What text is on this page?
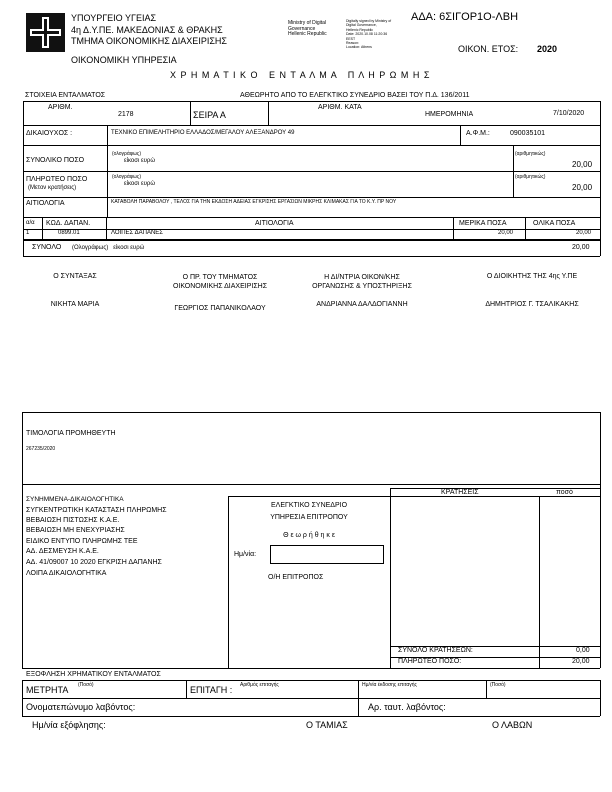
ΥΠΟΥΡΓΕΙΟ ΥΓΕΙΑΣ
4η Δ.Υ.ΠΕ. ΜΑΚΕΔΟΝΙΑΣ & ΘΡΑΚΗΣ
ΤΜΗΜΑ ΟΙΚΟΝΟΜΙΚΗΣ ΔΙΑΧΕΙΡΙΣΗΣ
ΟΙΚΟΝΟΜΙΚΗ ΥΠΗΡΕΣΙΑ
Ministry of Digital
Governance
Hellenic Republic
Digitally signed by Ministry of
Digital Governance,
Hellenic Republic
Date: 2020.10.08 11:20:36
EEST
Reason:
Location: Athens
ΑΔΑ: 6ΣΙΓΟΡ1Ο-ΛΒΗ
ΟΙΚΟΝ. ΕΤΟΣ: 2020
Χ Ρ Η Μ Α Τ Ι Κ Ο   Ε Ν Τ Α Λ Μ Α   Π Λ Η Ρ Ω Μ Η Σ
ΣΤΟΙΧΕΙΑ ΕΝΤΑΛΜΑΤΟΣ	ΑΘΕΩΡΗΤΟ ΑΠΟ ΤΟ ΕΛΕΓΚΤΙΚΟ ΣΥΝΕΔΡΙΟ ΒΑΣΕΙ ΤΟΥ Π.Δ. 136/2011
ΑΡΙΘΜ.
2178	ΣΕΙΡΑ Α
ΑΡΙΘΜ. ΚΑΤΑ
ΗΜΕΡΟΜΗΝΙΑ	7/10/2020
ΔΙΚΑΙΟΥΧΟΣ :	ΤΕΧΝΙΚΟ ΕΠΙΜΕΛΗΤΗΡΙΟ ΕΛΛΑΔΟΣ/ΜΕΓΑΛΟΥ ΑΛΕΞΑΝΔΡΟΥ 49	Α.Φ.Μ.:	090035101
ΣΥΝΟΛΙΚΟ ΠΟΣΟ
(ολογράφως)
είκοσι ευρώ
(αριθμητικώς)
20,00
ΠΛΗΡΩΤΕΟ ΠΟΣΟ
(Μετον κρατήσεις)
(ολογράφως)
είκοσι ευρώ
(αριθμητικώς)
20,00
ΑΙΤΙΟΛΟΓΙΑ	ΚΑΤΑΒΟΛΗ ΠΑΡΑΒΟΛΟΥ , ΤΕΛΟΣ ΓΙΑ ΤΗΝ ΕΚΔΟΣΗ ΑΔΕΙΑΣ ΕΓΚΡΙΣΗΣ ΕΡΓΑΣΙΩΝ ΜΙΚΡΗΣ ΚΛΙΜΑΚΑΣ ΓΙΑ ΤΟ Κ.Υ. ΠΡ ΝΟΥ
α/α ΚΩΔ. ΔΑΠΑΝ.	ΑΙΤΙΟΛΟΓΙΑ	ΜΕΡΙΚΑ ΠΟΣΑ	ΟΛΙΚΑ ΠΟΣΑ
1	0899.01	ΛΟΙΠΕΣ ΔΑΠΑΝΕΣ	20,00	20,00
ΣΥΝΟΛΟ (Ολογράφως)   είκοσι ευρώ	20,00
Ο ΣΥΝΤΑΞΑΣ
ΝΙΚΗΤΑ ΜΑΡΙΑ
Ο ΠΡ. ΤΟΥ ΤΜΗΜΑΤΟΣ
ΟΙΚΟΝΟΜΙΚΗΣ ΔΙΑΧΕΙΡΙΣΗΣ
ΓΕΩΡΓΙΟΣ ΠΑΠΑΝΙΚΟΛΑΟΥ
Η ΔΙ/ΝΤΡΙΑ ΟΙΚΟΝ/ΚΗΣ
ΟΡΓΑΝΩΣΗΣ & ΥΠΟΣΤΗΡΙΞΗΣ
ΑΝΔΡΙΑΝΝΑ ΔΑΛΔΟΓΙΑΝΝΗ
Ο ΔΙΟΙΚΗΤΗΣ ΤΗΣ 4ης Υ.ΠΕ
ΔΗΜΗΤΡΙΟΣ Γ. ΤΣΑΛΙΚΑΚΗΣ
ΤΙΜΟΛΟΓΙΑ ΠΡΟΜΗΘΕΥΤΗ
267235/2020
ΣΥΝΗΜΜΕΝΑ-ΔΙΚΑΙΟΛΟΓΗΤΙΚΑ
ΣΥΓΚΕΝΤΡΩΤΙΚΗ ΚΑΤΑΣΤΑΣΗ ΠΛΗΡΩΜΗΣ
ΒΕΒΑΙΩΣΗ ΠΙΣΤΩΣΗΣ Κ.Α.Ε.
ΒΕΒΑΙΩΣΗ ΜΗ ΕΝΕΧΥΡΙΑΣΗΣ
ΕΙΔΙΚΟ ΕΝΤΥΠΟ ΠΛΗΡΩΜΗΣ ΤΕΕ
ΑΔ. ΔΕΣΜΕΥΣΗ Κ.Α.Ε.
ΑΔ. 41/09007 10 2020 ΕΓΚΡΙΣΗ ΔΑΠΑΝΗΣ
ΛΟΙΠΑ ΔΙΚΑΙΟΛΟΓΗΤΙΚΑ
ΕΛΕΓΚΤΙΚΟ ΣΥΝΕΔΡΙΟ
ΥΠΗΡΕΣΙΑ ΕΠΙΤΡΟΠΟΥ
Θ ε ω ρ ή θ η κ ε
Ημ/νία:
Ο/Η ΕΠΙΤΡΟΠΟΣ
ΚΡΑΤΗΣΕΙΣ	ποσό
ΣΥΝΟΛΟ ΚΡΑΤΗΣΕΩΝ:	0,00
ΠΛΗΡΩΤΕΟ ΠΟΣΟ:	20,00
ΕΞΟΦΛΗΣΗ ΧΡΗΜΑΤΙΚΟΥ ΕΝΤΑΛΜΑΤΟΣ
ΜΕΤΡΗΤΑ (Ποσό)	ΕΠΙΤΑΓΗ : Αριθμός επιταγής	Ημ/νία έκδοσης επιταγής	(Ποσό)
Ονοματεπώνυμο λαβόντος:	Αρ. ταυτ. λαβόντος:
Ημ/νία εξόφλησης:	Ο ΤΑΜΙΑΣ	Ο ΛΑΒΩΝ
